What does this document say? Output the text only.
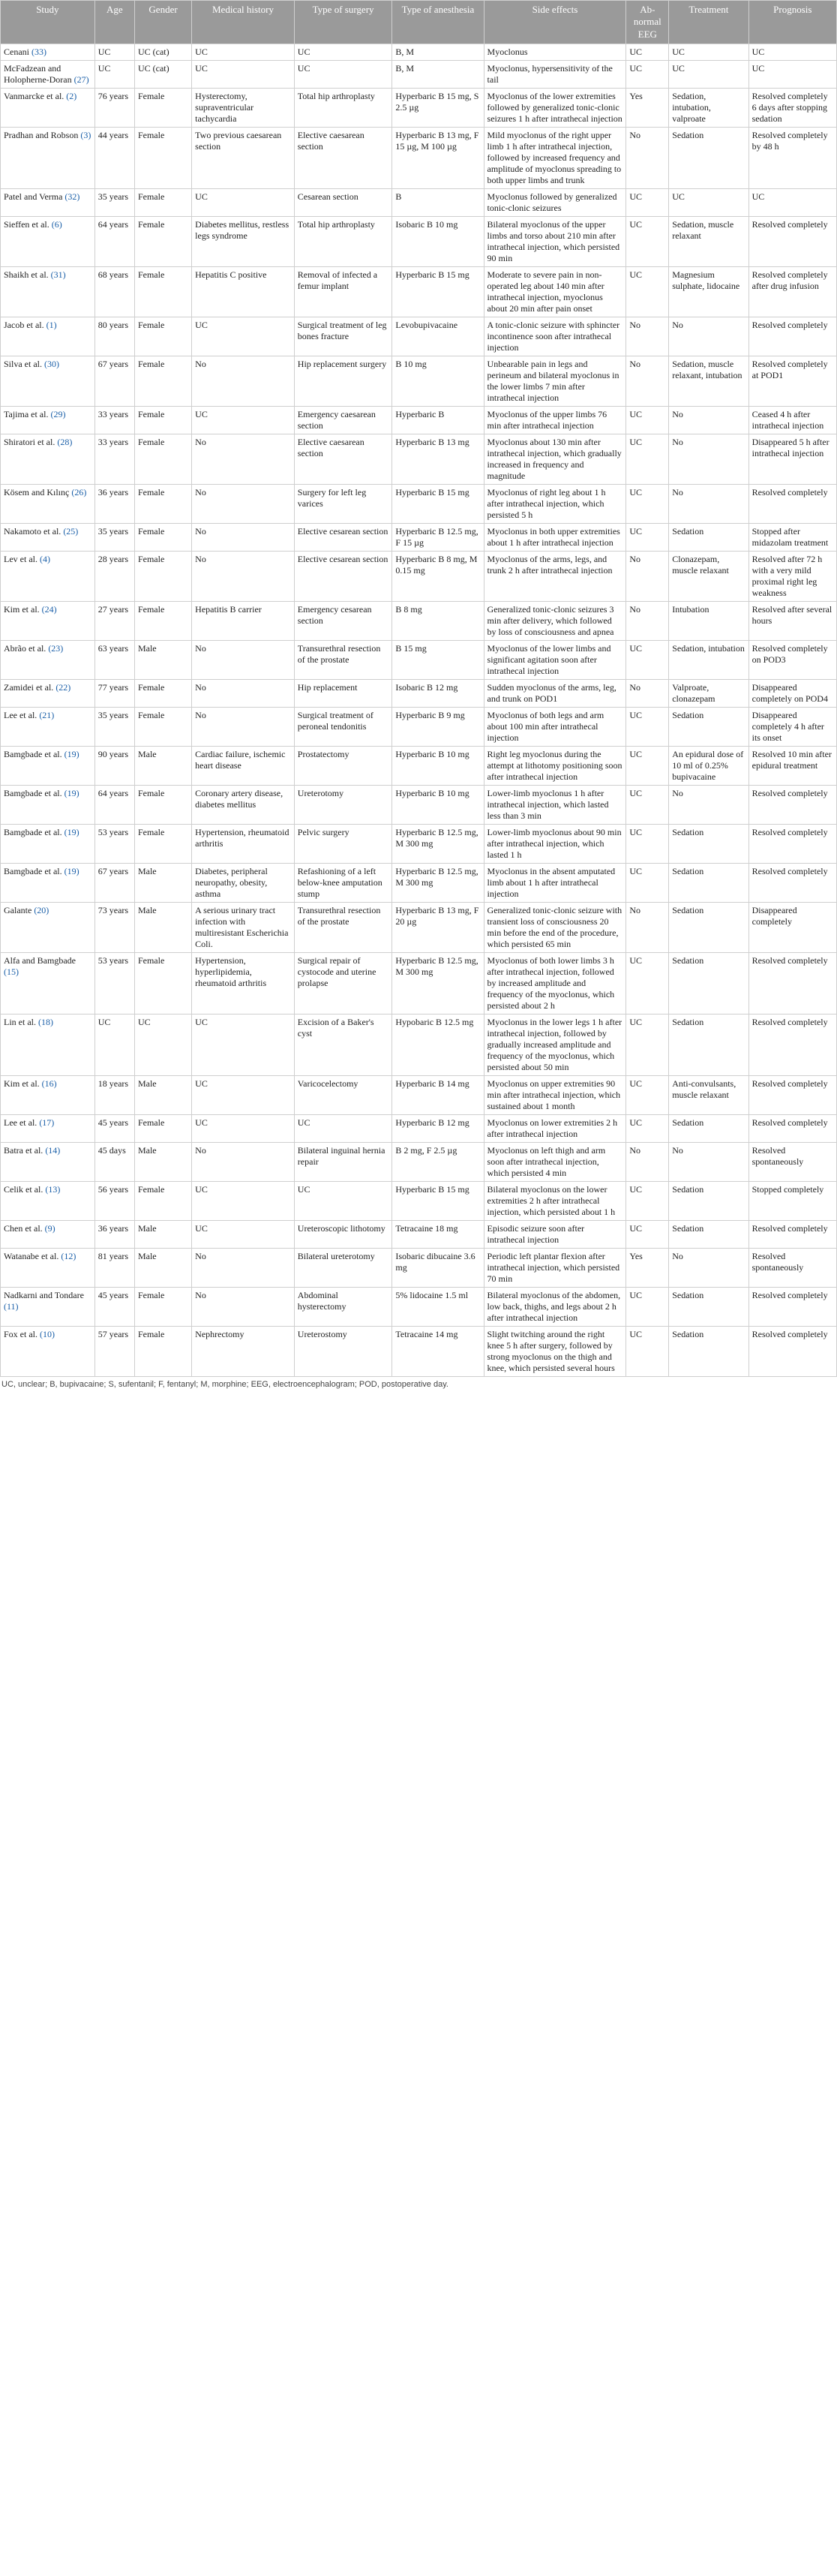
Study	Age	Gender	Medical history	Type of surgery	Type of anesthesia	Side effects	Ab-normal EEG	Treatment	Prognosis
Cenani (33)	UC	UC (cat)	UC	UC	B, M	Myoclonus	UC	UC	UC
McFadzean and Holopherne-Doran (27)	UC	UC (cat)	UC	UC	B, M	Myoclonus, hypersensitivity of the tail	UC	UC	UC
Vanmarcke et al. (2)	76 years	Female	Hysterectomy, supraventricular tachycardia	Total hip arthroplasty	Hyperbaric B 15 mg, S 2.5 µg	Myoclonus of the lower extremities followed by generalized tonic-clonic seizures 1 h after intrathecal injection	Yes	Sedation, intubation, valproate	Resolved completely 6 days after stopping sedation
Pradhan and Robson (3)	44 years	Female	Two previous caesarean section	Elective caesarean section	Hyperbaric B 13 mg, F 15 µg, M 100 µg	Mild myoclonus of the right upper limb 1 h after intrathecal injection, followed by increased frequency and amplitude of myoclonus spreading to both upper limbs and trunk	No	Sedation	Resolved completely by 48 h
Patel and Verma (32)	35 years	Female	UC	Cesarean section	B	Myoclonus followed by generalized tonic-clonic seizures	UC	UC	UC
Sieffen et al. (6)	64 years	Female	Diabetes mellitus, restless legs syndrome	Total hip arthroplasty	Isobaric B 10 mg	Bilateral myoclonus of the upper limbs and torso about 210 min after intrathecal injection, which persisted 90 min	UC	Sedation, muscle relaxant	Resolved completely
Shaikh et al. (31)	68 years	Female	Hepatitis C positive	Removal of infected a femur implant	Hyperbaric B 15 mg	Moderate to severe pain in non-operated leg about 140 min after intrathecal injection, myoclonus about 20 min after pain onset	UC	Magnesium sulphate, lidocaine	Resolved completely after drug infusion
Jacob et al. (1)	80 years	Female	UC	Surgical treatment of leg bones fracture	Levobupivacaine	A tonic-clonic seizure with sphincter incontinence soon after intrathecal injection	No	No	Resolved completely
Silva et al. (30)	67 years	Female	No	Hip replacement surgery	B 10 mg	Unbearable pain in legs and perineum and bilateral myoclonus in the lower limbs 7 min after intrathecal injection	No	Sedation, muscle relaxant, intubation	Resolved completely at POD1
Tajima et al. (29)	33 years	Female	UC	Emergency caesarean section	Hyperbaric B	Myoclonus of the upper limbs 76 min after intrathecal injection	UC	No	Ceased 4 h after intrathecal injection
Shiratori et al. (28)	33 years	Female	No	Elective caesarean section	Hyperbaric B 13 mg	Myoclonus about 130 min after intrathecal injection, which gradually increased in frequency and magnitude	UC	No	Disappeared 5 h after intrathecal injection
Kösem and Kılınç (26)	36 years	Female	No	Surgery for left leg varices	Hyperbaric B 15 mg	Myoclonus of right leg about 1 h after intrathecal injection, which persisted 5 h	UC	No	Resolved completely
Nakamoto et al. (25)	35 years	Female	No	Elective cesarean section	Hyperbaric B 12.5 mg, F 15 µg	Myoclonus in both upper extremities about 1 h after intrathecal injection	UC	Sedation	Stopped after midazolam treatment
Lev et al. (4)	28 years	Female	No	Elective cesarean section	Hyperbaric B 8 mg, M 0.15 mg	Myoclonus of the arms, legs, and trunk 2 h after intrathecal injection	No	Clonazepam, muscle relaxant	Resolved after 72 h with a very mild proximal right leg weakness
Kim et al. (24)	27 years	Female	Hepatitis B carrier	Emergency cesarean section	B 8 mg	Generalized tonic-clonic seizures 3 min after delivery, which followed by loss of consciousness and apnea	No	Intubation	Resolved after several hours
Abrão et al. (23)	63 years	Male	No	Transurethral resection of the prostate	B 15 mg	Myoclonus of the lower limbs and significant agitation soon after intrathecal injection	UC	Sedation, intubation	Resolved completely on POD3
Zamidei et al. (22)	77 years	Female	No	Hip replacement	Isobaric B 12 mg	Sudden myoclonus of the arms, leg, and trunk on POD1	No	Valproate, clonazepam	Disappeared completely on POD4
Lee et al. (21)	35 years	Female	No	Surgical treatment of peroneal tendonitis	Hyperbaric B 9 mg	Myoclonus of both legs and arm about 100 min after intrathecal injection	UC	Sedation	Disappeared completely 4 h after its onset
Bamgbade et al. (19)	90 years	Male	Cardiac failure, ischemic heart disease	Prostatectomy	Hyperbaric B 10 mg	Right leg myoclonus during the attempt at lithotomy positioning soon after intrathecal injection	UC	An epidural dose of 10 ml of 0.25% bupivacaine	Resolved 10 min after epidural treatment
Bamgbade et al. (19)	64 years	Female	Coronary artery disease, diabetes mellitus	Ureterotomy	Hyperbaric B 10 mg	Lower-limb myoclonus 1 h after intrathecal injection, which lasted less than 3 min	UC	No	Resolved completely
Bamgbade et al. (19)	53 years	Female	Hypertension, rheumatoid arthritis	Pelvic surgery	Hyperbaric B 12.5 mg, M 300 mg	Lower-limb myoclonus about 90 min after intrathecal injection, which lasted 1 h	UC	Sedation	Resolved completely
Bamgbade et al. (19)	67 years	Male	Diabetes, peripheral neuropathy, obesity, asthma	Refashioning of a left below-knee amputation stump	Hyperbaric B 12.5 mg, M 300 mg	Myoclonus in the absent amputated limb about 1 h after intrathecal injection	UC	Sedation	Resolved completely
Galante (20)	73 years	Male	A serious urinary tract infection with multiresistant Escherichia Coli.	Transurethral resection of the prostate	Hyperbaric B 13 mg, F 20 µg	Generalized tonic-clonic seizure with transient loss of consciousness 20 min before the end of the procedure, which persisted 65 min	No	Sedation	Disappeared completely
Alfa and Bamgbade (15)	53 years	Female	Hypertension, hyperlipidemia, rheumatoid arthritis	Surgical repair of cystocode and uterine prolapse	Hyperbaric B 12.5 mg, M 300 mg	Myoclonus of both lower limbs 3 h after intrathecal injection, followed by increased amplitude and frequency of the myoclonus, which persisted about 2 h	UC	Sedation	Resolved completely
Lin et al. (18)	UC	UC	UC	Excision of a Baker's cyst	Hypobaric B 12.5 mg	Myoclonus in the lower legs 1 h after intrathecal injection, followed by gradually increased amplitude and frequency of the myoclonus, which persisted about 50 min	UC	Sedation	Resolved completely
Kim et al. (16)	18 years	Male	UC	Varicocelectomy	Hyperbaric B 14 mg	Myoclonus on upper extremities 90 min after intrathecal injection, which sustained about 1 month	UC	Anti-convulsants, muscle relaxant	Resolved completely
Lee et al. (17)	45 years	Female	UC	UC	Hyperbaric B 12 mg	Myoclonus on lower extremities 2 h after intrathecal injection	UC	Sedation	Resolved completely
Batra et al. (14)	45 days	Male	No	Bilateral inguinal hernia repair	B 2 mg, F 2.5 µg	Myoclonus on left thigh and arm soon after intrathecal injection, which persisted 4 min	No	No	Resolved spontaneously
Celik et al. (13)	56 years	Female	UC	UC	Hyperbaric B 15 mg	Bilateral myoclonus on the lower extremities 2 h after intrathecal injection, which persisted about 1 h	UC	Sedation	Stopped completely
Chen et al. (9)	36 years	Male	UC	Ureteroscopic lithotomy	Tetracaine 18 mg	Episodic seizure soon after intrathecal injection	UC	Sedation	Resolved completely
Watanabe et al. (12)	81 years	Male	No	Bilateral ureterotomy	Isobaric dibucaine 3.6 mg	Periodic left plantar flexion after intrathecal injection, which persisted 70 min	Yes	No	Resolved spontaneously
Nadkarni and Tondare (11)	45 years	Female	No	Abdominal hysterectomy	5% lidocaine 1.5 ml	Bilateral myoclonus of the abdomen, low back, thighs, and legs about 2 h after intrathecal injection	UC	Sedation	Resolved completely
Fox et al. (10)	57 years	Female	Nephrectomy	Ureterostomy	Tetracaine 14 mg	Slight twitching around the right knee 5 h after surgery, followed by strong myoclonus on the thigh and knee, which persisted several hours	UC	Sedation	Resolved completely
UC, unclear; B, bupivacaine; S, sufentanil; F, fentanyl; M, morphine; EEG, electroencephalogram; POD, postoperative day.
